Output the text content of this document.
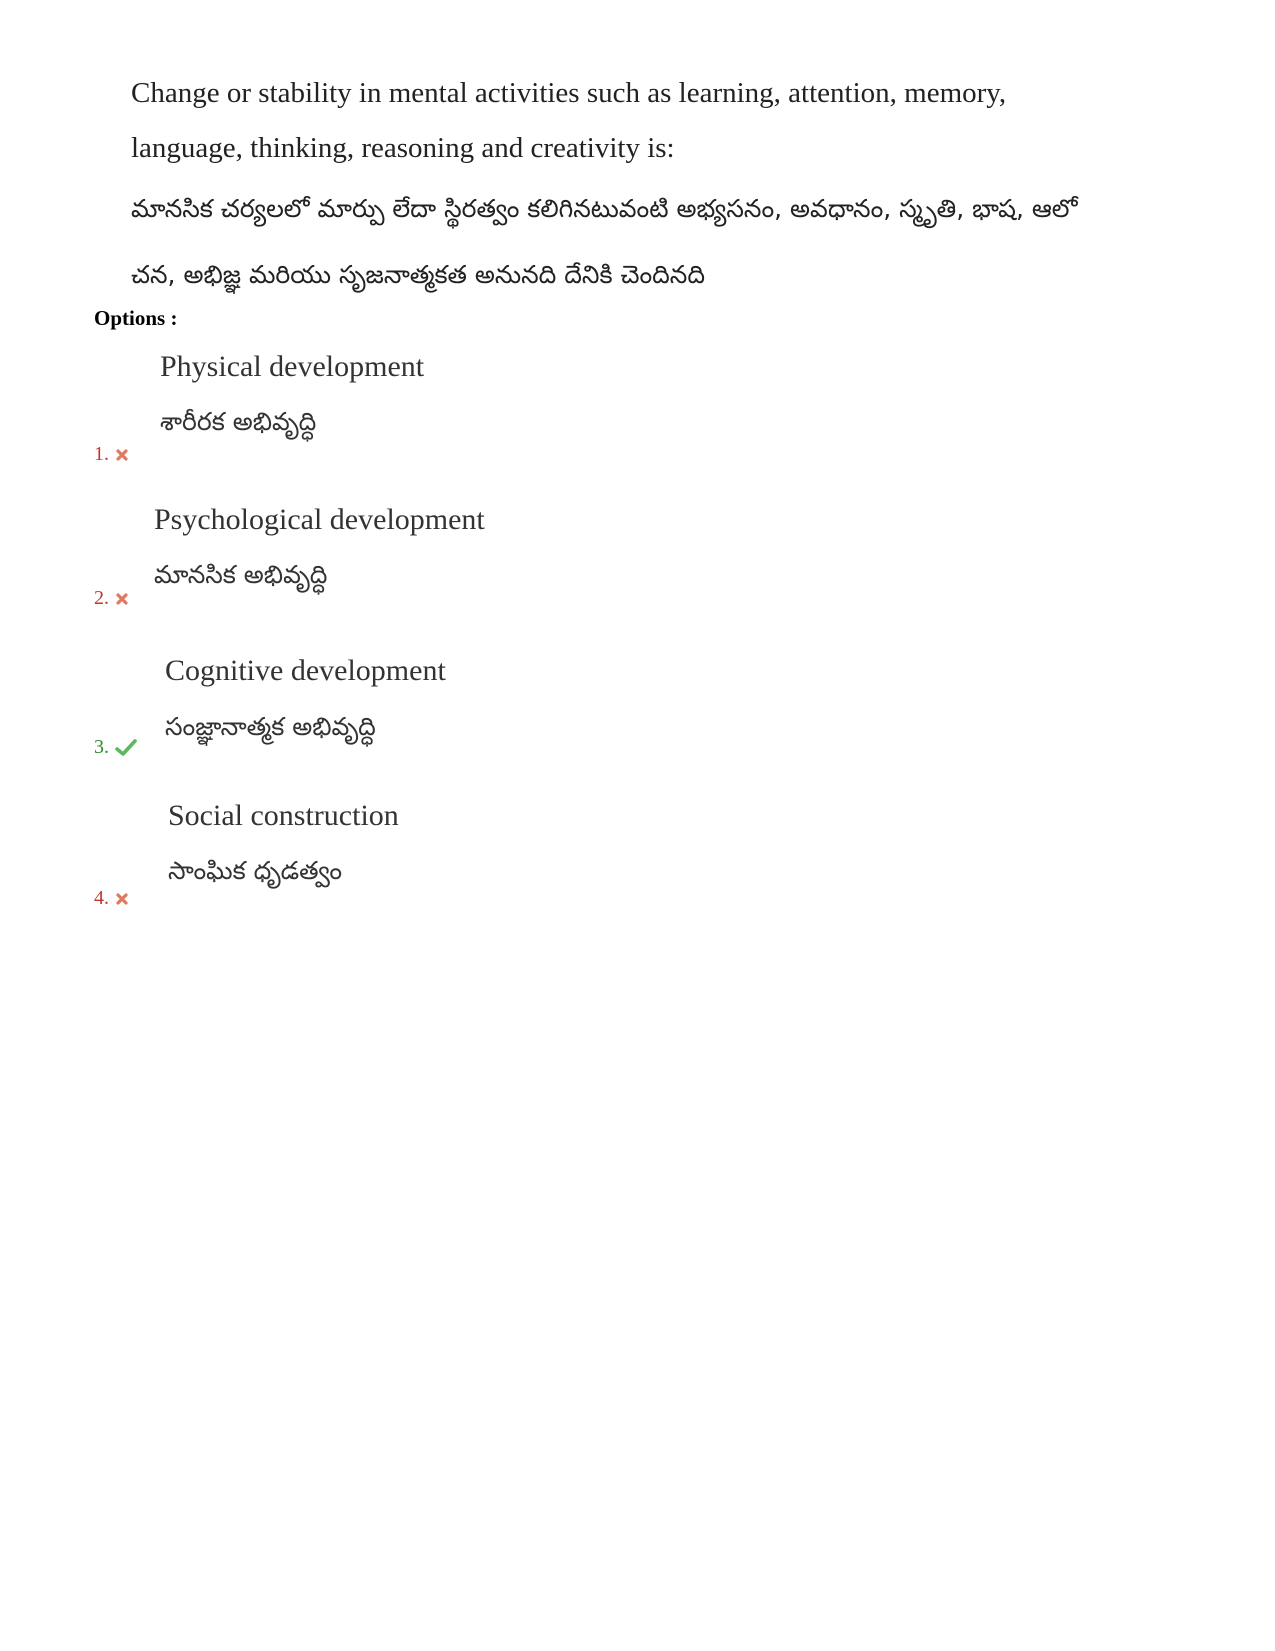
Change or stability in mental activities such as learning, attention, memory,

language, thinking, reasoning and creativity is:

మానసిక చర్యలలో మార్పు లేదా స్థిరత్వం కలిగినటువంటి అభ్యసనం, అవధానం, స్మృతి, భాష, ఆలో

చన, అభిజ్ఞ మరియు సృజనాత్మకత అనునది దేనికి చెందినది

Options :
Physical development
శారీరక అభివృద్ధి
1.
Psychological development
మానసిక అభివృద్ధి
2.
Cognitive development
సంజ్ఞానాత్మక అభివృద్ధి
3.
Social construction
సాంఘిక ధృడత్వం
4.
